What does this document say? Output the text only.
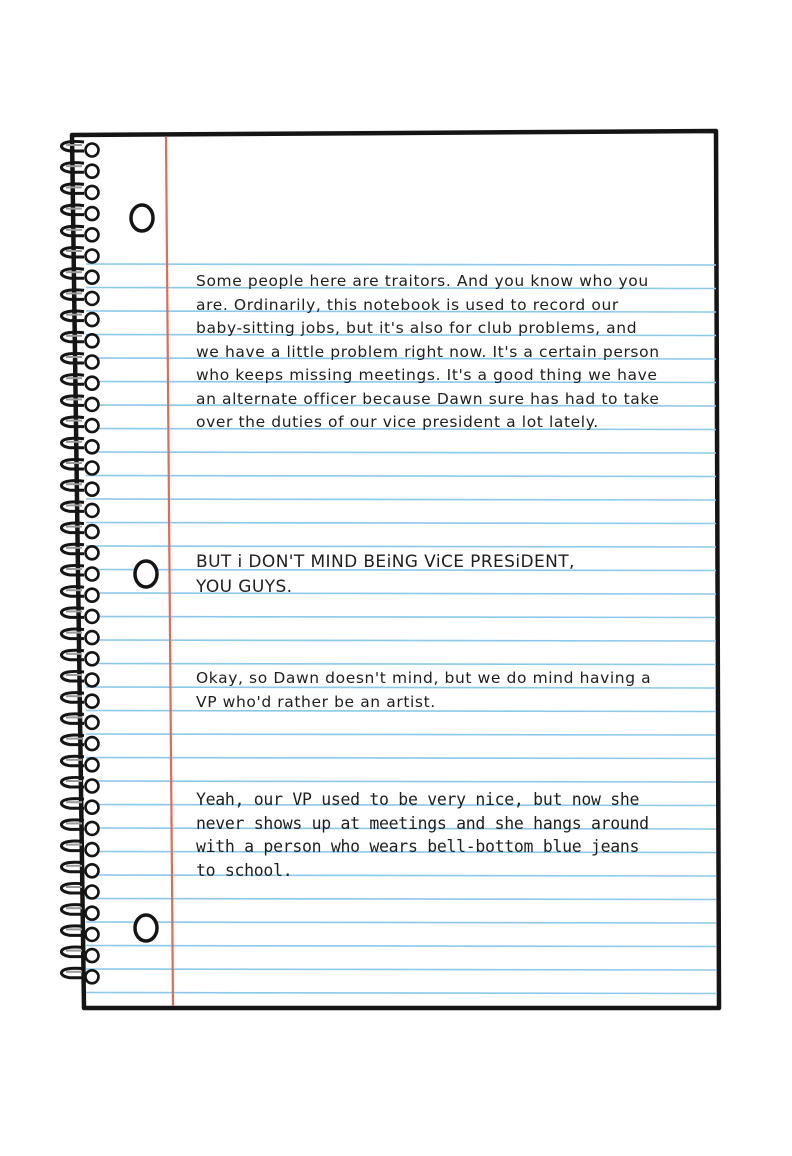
Some people here are traitors. And you know who you are. Ordinarily, this notebook is used to record our baby-sitting jobs, but it's also for club problems, and we have a little problem right now. It's a certain person who keeps missing meetings. It's a good thing we have an alternate officer because Dawn sure has had to take over the duties of our vice president a lot lately.

BUT i DON'T MIND BEiNG ViCE PRESiDENT,
YOU GUYS.

Okay, so Dawn doesn't mind, but we do mind having a VP who'd rather be an artist.

Yeah, our VP used to be very nice, but now she never shows up at meetings and she hangs around with a person who wears bell-bottom blue jeans to school.
